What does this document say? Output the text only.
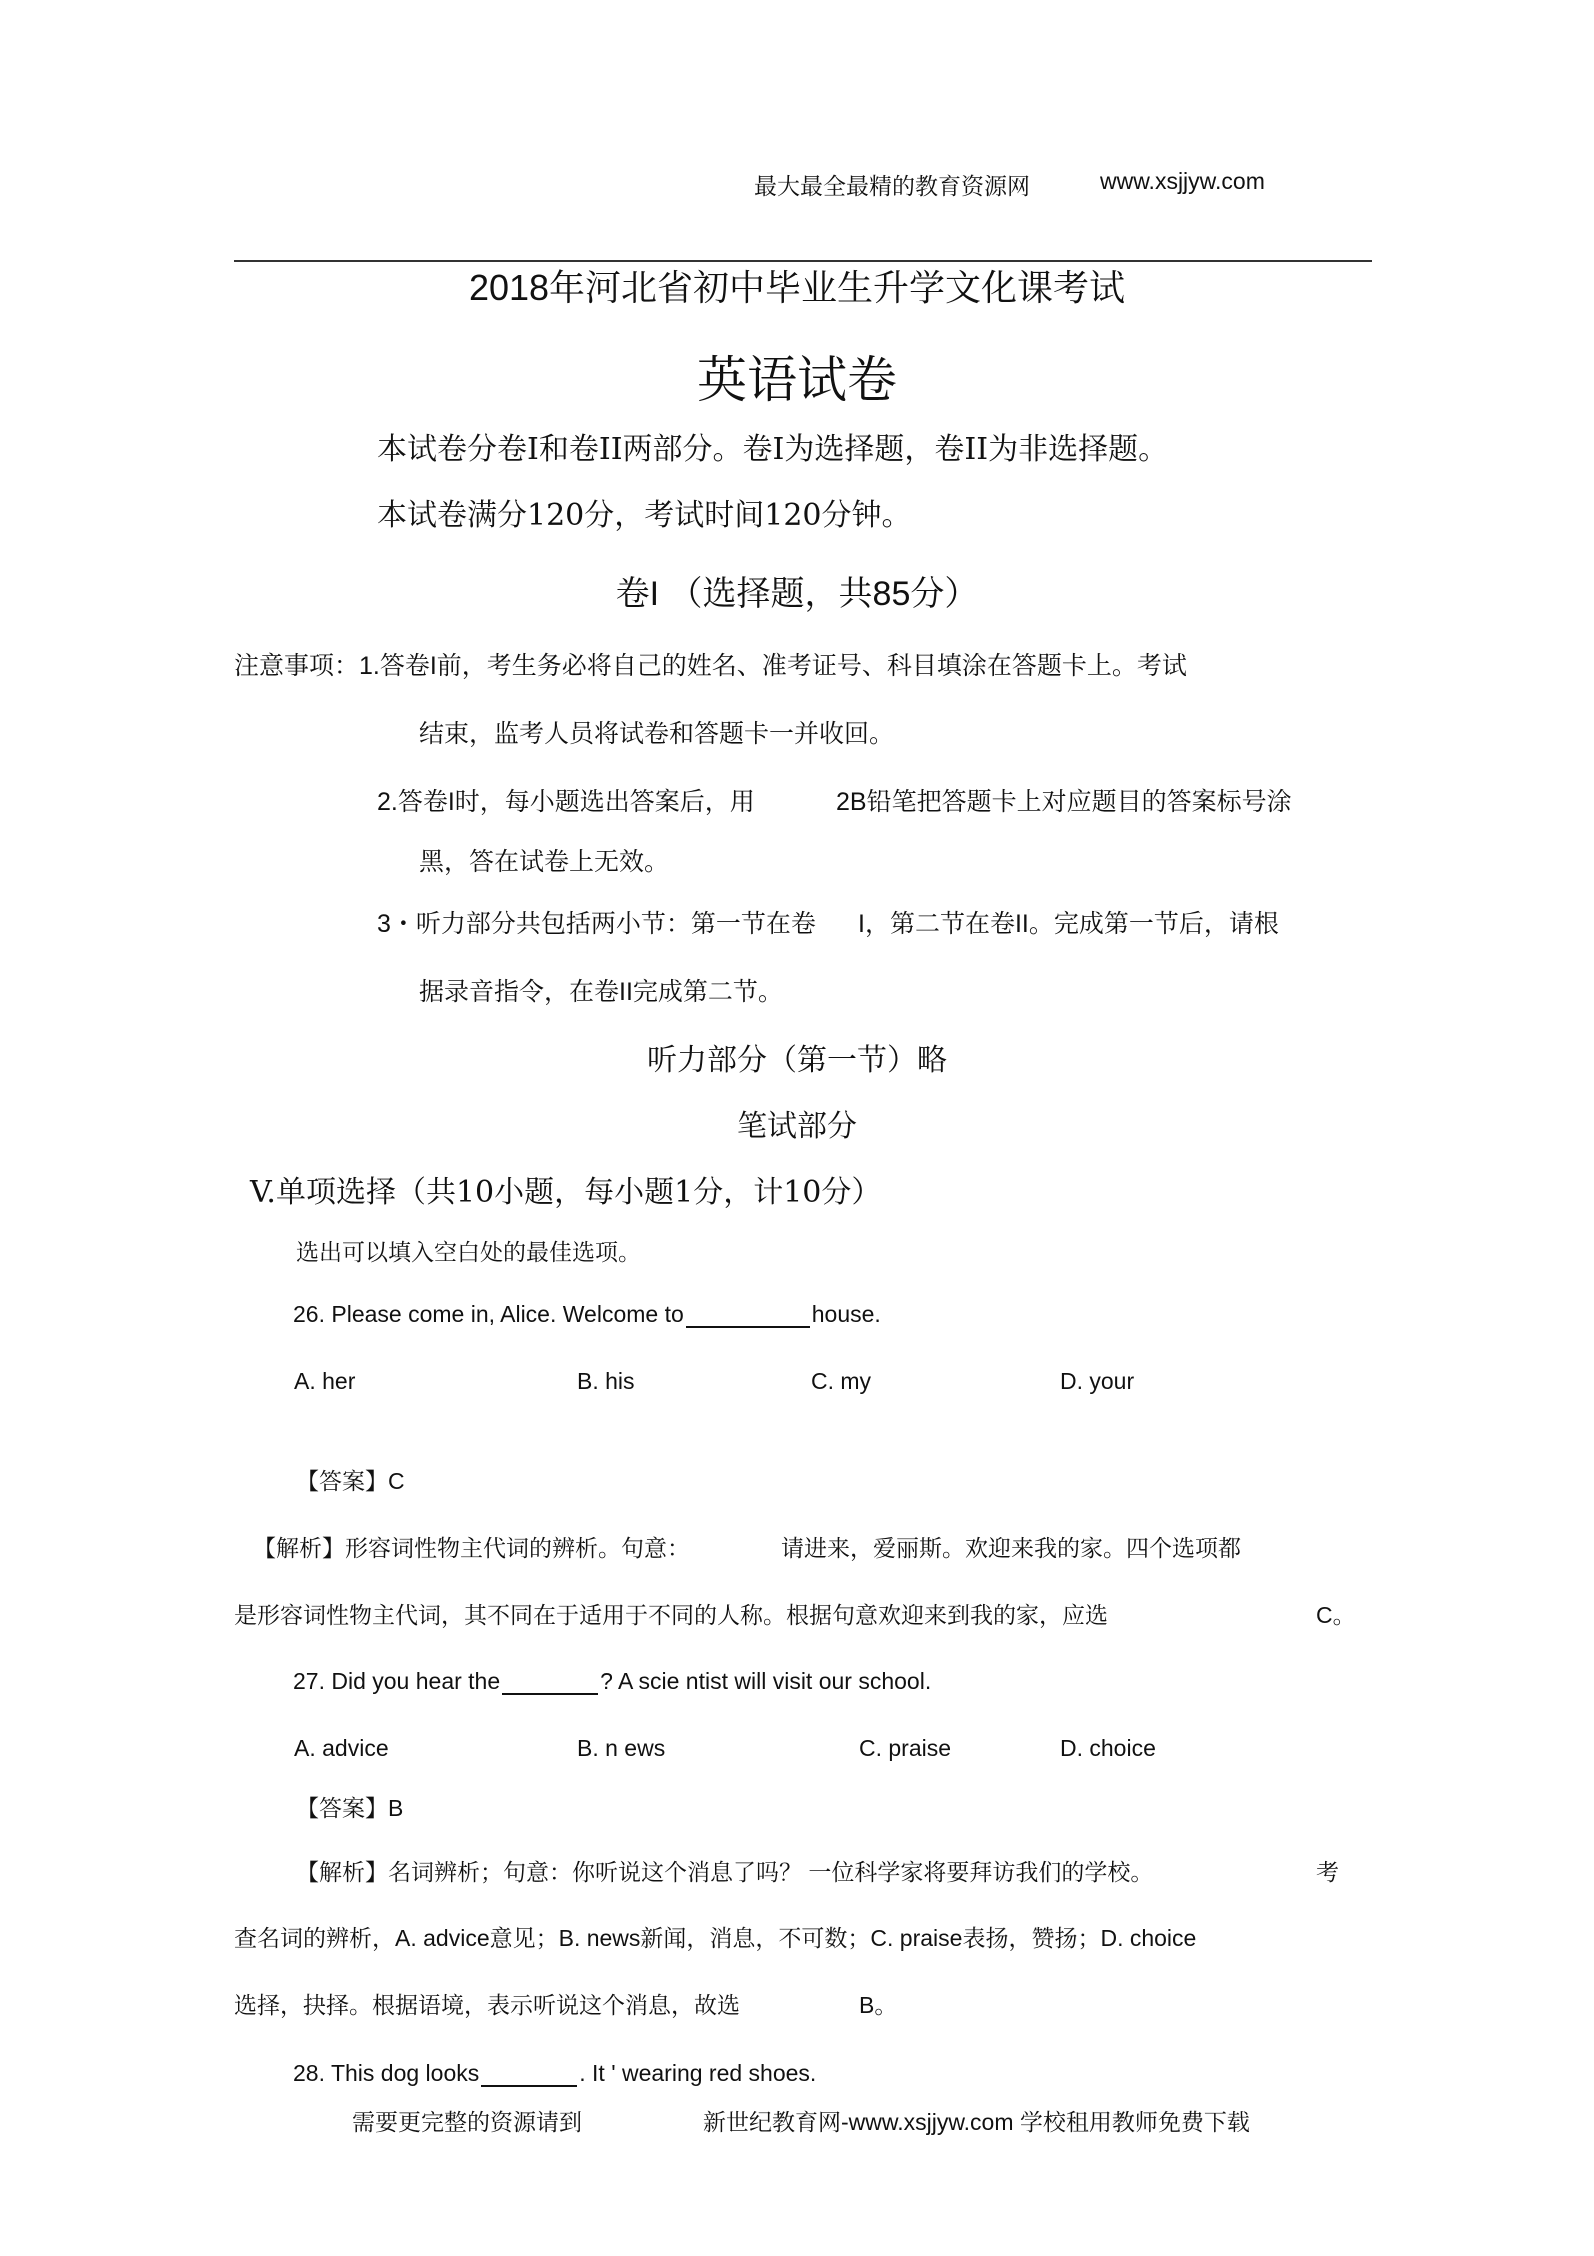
最大最全最精的教育资源网	www.xsjjyw.com
2018年河北省初中毕业生升学文化课考试
英语试卷
本试卷分卷I和卷II两部分。卷I为选择题，卷II为非选择题。
本试卷满分120分，考试时间120分钟。
卷I （选择题，共85分）
注意事项：1.答卷I前，考生务必将自己的姓名、准考证号、科目填涂在答题卡上。考试
结束，监考人员将试卷和答题卡一并收回。
2.答卷I时，每小题选出答案后，用	2B铅笔把答题卡上对应题目的答案标号涂
黑，答在试卷上无效。
3・听力部分共包括两小节：第一节在卷 I，第二节在卷II。完成第一节后，请根
据录音指令，在卷II完成第二节。
听力部分（第一节）略
笔试部分
V.单项选择（共10小题，每小题1分，计10分）
选出可以填入空白处的最佳选项。
26. Please come in, Alice. Welcome to	house.
A. her	B. his	C. my	D. your
【答案】C
【解析】形容词性物主代词的辨析。句意：	请进来，爱丽斯。欢迎来我的家。四个选项都
是形容词性物主代词，其不同在于适用于不同的人称。根据句意欢迎来到我的家，应选	C。
27. Did you hear the	? A scie ntist will visit our school.
A. advice	B. n ews	C. praise	D. choice
【答案】B
【解析】名词辨析；句意：你听说这个消息了吗？ 一位科学家将要拜访我们的学校。	考
查名词的辨析，A. advice意见；B. news新闻，消息，不可数；C. praise表扬，赞扬；D. choice
选择，抉择。根据语境，表示听说这个消息，故选	B。
28. This dog looks	. It ' wearing red shoes.
需要更完整的资源请到	新世纪教育网-www.xsjjyw.com 学校租用教师免费下载
